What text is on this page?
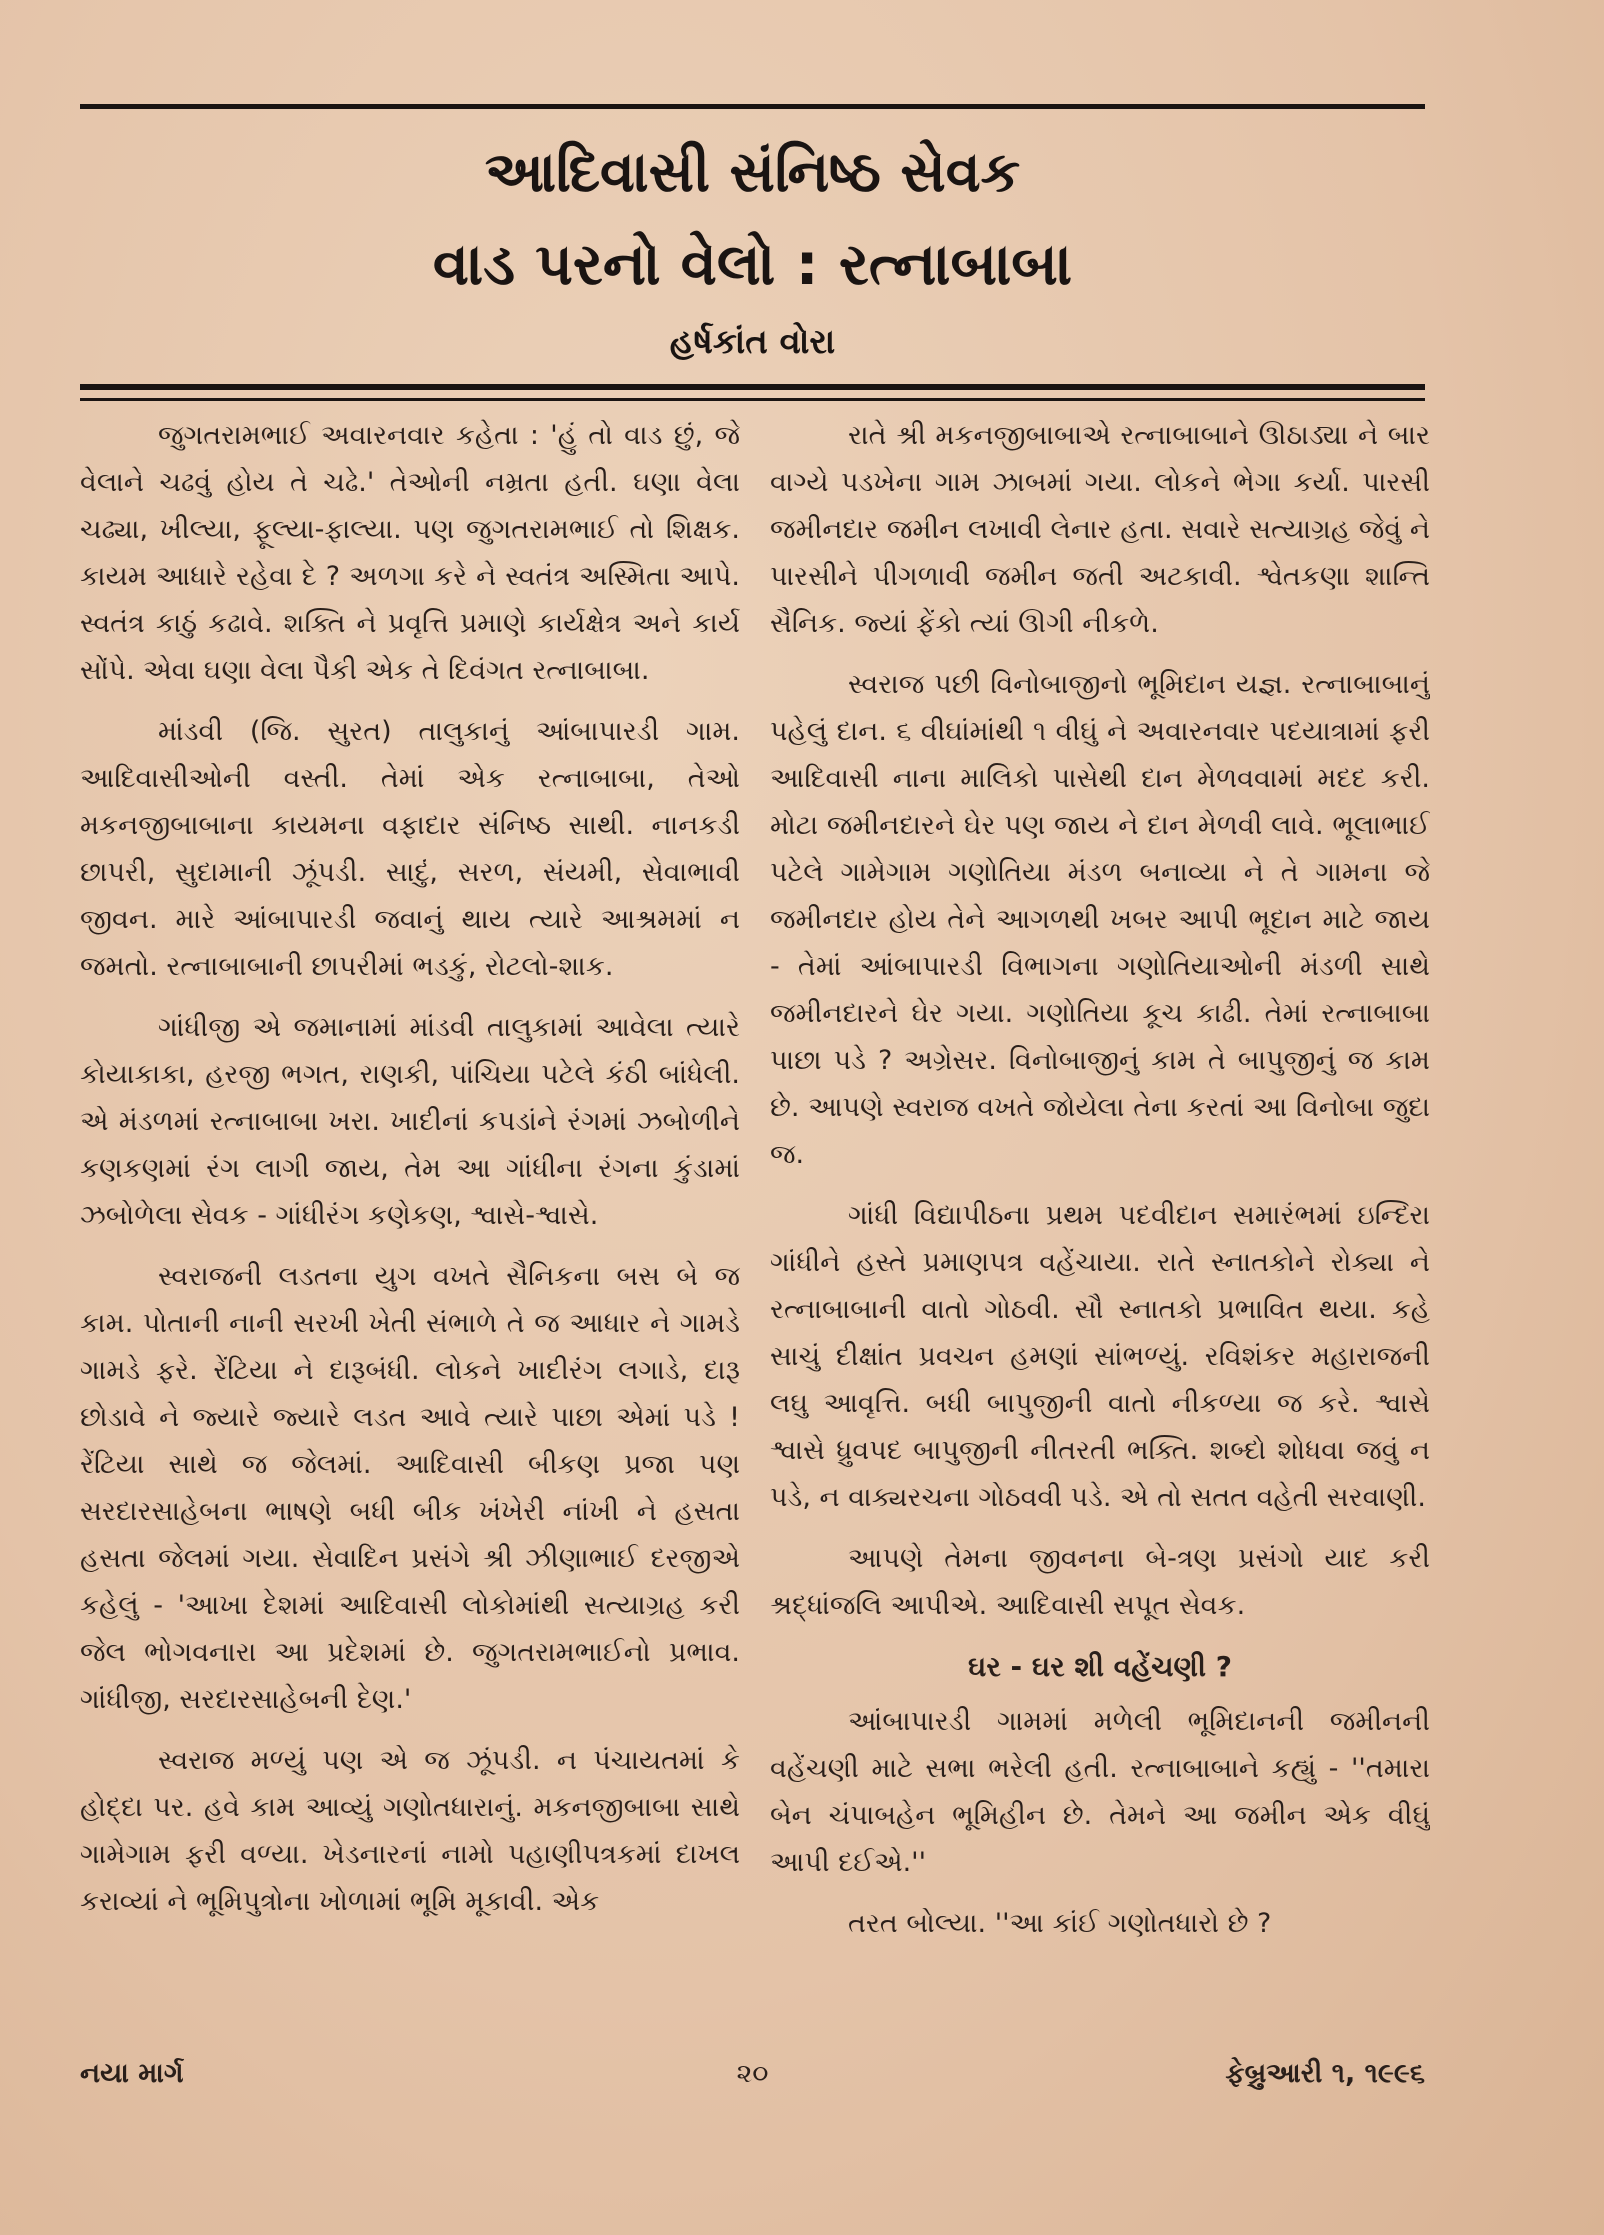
આદિવાસી સંનિષ્ઠ સેવક
વાડ પરનો વેલો : રત્નાબાબા
હર્ષકાંત વોરા

જુગતરામભાઈ અવારનવાર કહેતા : 'હું તો વાડ છું, જે વેલાને ચઢવું હોય તે ચઢે.' તેઓની નમ્રતા હતી. ઘણા વેલા ચઢ્યા, ખીલ્યા, ફૂલ્યા-ફાલ્યા. પણ જુગતરામભાઈ તો શિક્ષક. કાયમ આધારે રહેવા દે ? અળગા કરે ને સ્વતંત્ર અસ્મિતા આપે. સ્વતંત્ર કાઠું કઢાવે. શક્તિ ને પ્રવૃત્તિ પ્રમાણે કાર્યક્ષેત્ર અને કાર્ય સોંપે. એવા ઘણા વેલા પૈકી એક તે દિવંગત રત્નાબાબા.

માંડવી (જિ. સુરત) તાલુકાનું આંબાપારડી ગામ. આદિવાસીઓની વસ્તી. તેમાં એક રત્નાબાબા, તેઓ મકનજીબાબાના કાયમના વફાદાર સંનિષ્ઠ સાથી. નાનકડી છાપરી, સુદામાની ઝૂંપડી. સાદું, સરળ, સંયમી, સેવાભાવી જીવન. મારે આંબાપારડી જવાનું થાય ત્યારે આશ્રમમાં ન જમતો. રત્નાબાબાની છાપરીમાં ભડકું, રોટલો-શાક.

ગાંધીજી એ જમાનામાં માંડવી તાલુકામાં આવેલા ત્યારે કોયાકાકા, હરજી ભગત, રાણકી, પાંચિયા પટેલે કંઠી બાંધેલી. એ મંડળમાં રત્નાબાબા ખરા. ખાદીનાં કપડાંને રંગમાં ઝબોળીને કણકણમાં રંગ લાગી જાય, તેમ આ ગાંધીના રંગના કુંડામાં ઝબોળેલા સેવક - ગાંધીરંગ કણેકણ, શ્વાસે-શ્વાસે.

સ્વરાજની લડતના યુગ વખતે સૈનિકના બસ બે જ કામ. પોતાની નાની સરખી ખેતી સંભાળે તે જ આધાર ને ગામડે ગામડે ફરે. રેંટિયા ને દારૂબંધી. લોકને ખાદીરંગ લગાડે, દારૂ છોડાવે ને જ્યારે જ્યારે લડત આવે ત્યારે પાછા એમાં પડે ! રેંટિયા સાથે જ જેલમાં. આદિવાસી બીકણ પ્રજા પણ સરદારસાહેબના ભાષણે બધી બીક ખંખેરી નાંખી ને હસતા હસતા જેલમાં ગયા. સેવાદિન પ્રસંગે શ્રી ઝીણાભાઈ દરજીએ કહેલું - 'આખા દેશમાં આદિવાસી લોકોમાંથી સત્યાગ્રહ કરી જેલ ભોગવનારા આ પ્રદેશમાં છે. જુગતરામભાઈનો પ્રભાવ. ગાંધીજી, સરદારસાહેબની દેણ.'

સ્વરાજ મળ્યું પણ એ જ ઝૂંપડી. ન પંચાયતમાં કે હોદ્દા પર. હવે કામ આવ્યું ગણોતધારાનું. મકનજીબાબા સાથે ગામેગામ ફરી વળ્યા. ખેડનારનાં નામો પહાણીપત્રકમાં દાખલ કરાવ્યાં ને ભૂમિપુત્રોના ખોળામાં ભૂમિ મૂકાવી. એક

રાતે શ્રી મકનજીબાબાએ રત્નાબાબાને ઊઠાડ્યા ને બાર વાગ્યે પડખેના ગામ ઝાબમાં ગયા. લોકને ભેગા કર્યા. પારસી જમીનદાર જમીન લખાવી લેનાર હતા. સવારે સત્યાગ્રહ જેવું ને પારસીને પીગળાવી જમીન જતી અટકાવી. શ્વેતકણા શાન્તિ સૈનિક. જ્યાં ફેંકો ત્યાં ઊગી નીકળે.

સ્વરાજ પછી વિનોબાજીનો ભૂમિદાન યજ્ઞ. રત્નાબાબાનું પહેલું દાન. ૬ વીઘાંમાંથી ૧ વીઘું ને અવારનવાર પદયાત્રામાં ફરી આદિવાસી નાના માલિકો પાસેથી દાન મેળવવામાં મદદ કરી. મોટા જમીનદારને ઘેર પણ જાય ને દાન મેળવી લાવે. ભૂલાભાઈ પટેલે ગામેગામ ગણોતિયા મંડળ બનાવ્યા ને તે ગામના જે જમીનદાર હોય તેને આગળથી ખબર આપી ભૂદાન માટે જાય - તેમાં આંબાપારડી વિભાગના ગણોતિયાઓની મંડળી સાથે જમીનદારને ઘેર ગયા. ગણોતિયા કૂચ કાઢી. તેમાં રત્નાબાબા પાછા પડે ? અગ્રેસર. વિનોબાજીનું કામ તે બાપુજીનું જ કામ છે. આપણે સ્વરાજ વખતે જોયેલા તેના કરતાં આ વિનોબા જુદા જ.

ગાંધી વિદ્યાપીઠના પ્રથમ પદવીદાન સમારંભમાં ઇન્દિરા ગાંધીને હસ્તે પ્રમાણપત્ર વહેંચાયા. રાતે સ્નાતકોને રોક્યા ને રત્નાબાબાની વાતો ગોઠવી. સૌ સ્નાતકો પ્રભાવિત થયા. કહે સાચું દીક્ષાંત પ્રવચન હમણાં સાંભળ્યું. રવિશંકર મહારાજની લઘુ આવૃત્તિ. બધી બાપુજીની વાતો નીકળ્યા જ કરે. શ્વાસે શ્વાસે ધ્રુવપદ બાપુજીની નીતરતી ભક્તિ. શબ્દો શોધવા જવું ન પડે, ન વાક્યરચના ગોઠવવી પડે. એ તો સતત વહેતી સરવાણી.

આપણે તેમના જીવનના બે-ત્રણ પ્રસંગો યાદ કરી શ્રદ્ધાંજલિ આપીએ. આદિવાસી સપૂત સેવક.

ઘર - ઘર શી વહેંચણી ?

આંબાપારડી ગામમાં મળેલી ભૂમિદાનની જમીનની વહેંચણી માટે સભા ભરેલી હતી. રત્નાબાબાને કહ્યું - ''તમારા બેન ચંપાબહેન ભૂમિહીન છે. તેમને આ જમીન એક વીઘું આપી દઈએ.''

તરત બોલ્યા. ''આ કાંઈ ગણોતધારો છે ?

નયા માર્ગ	૨૦	ફેબ્રુઆરી ૧, ૧૯૯૬
